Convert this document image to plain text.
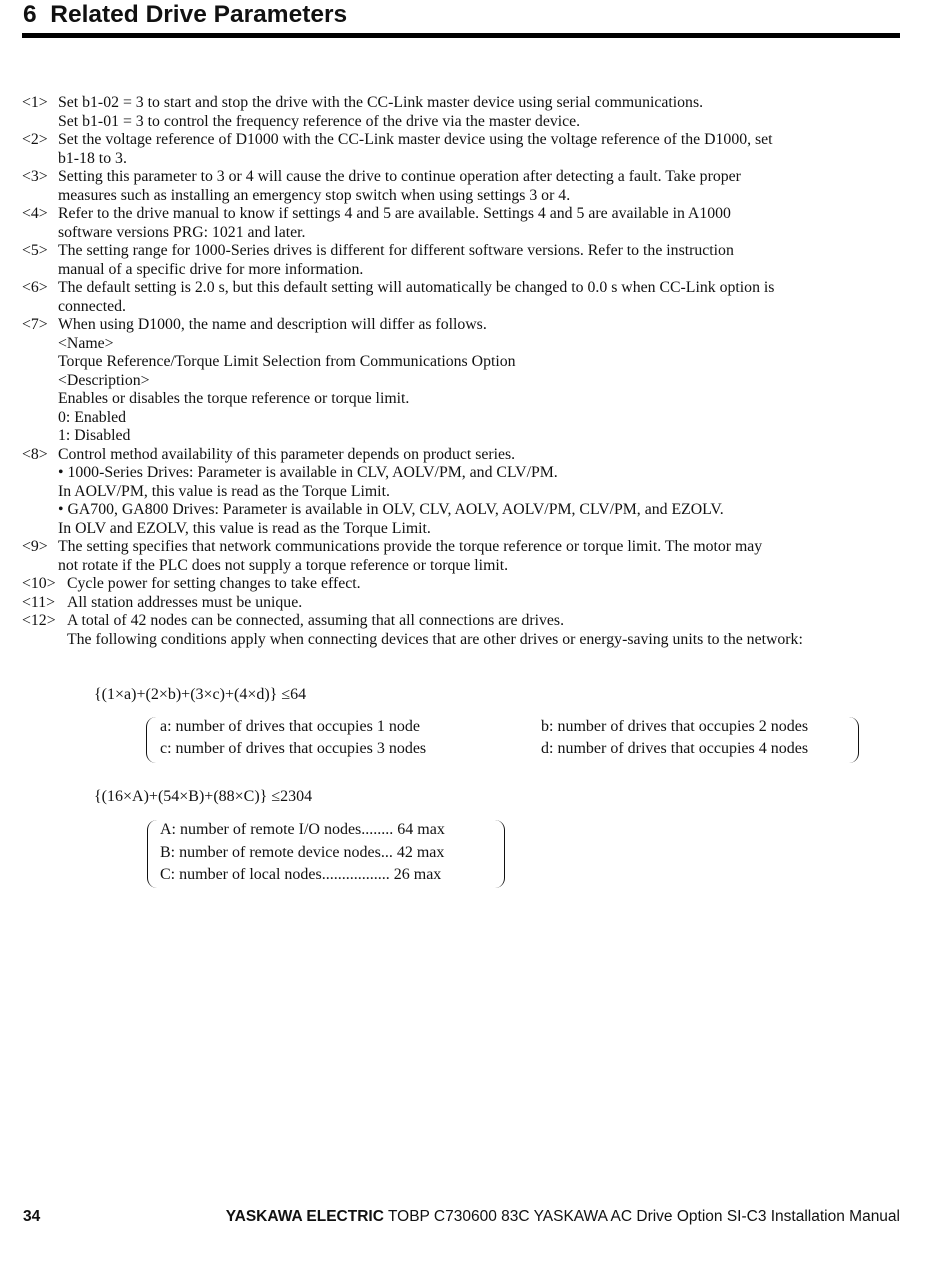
6 Related Drive Parameters
<1> Set b1-02 = 3 to start and stop the drive with the CC-Link master device using serial communications.
Set b1-01 = 3 to control the frequency reference of the drive via the master device.
<2> Set the voltage reference of D1000 with the CC-Link master device using the voltage reference of the D1000, set
b1-18 to 3.
<3> Setting this parameter to 3 or 4 will cause the drive to continue operation after detecting a fault. Take proper
measures such as installing an emergency stop switch when using settings 3 or 4.
<4> Refer to the drive manual to know if settings 4 and 5 are available. Settings 4 and 5 are available in A1000
software versions PRG: 1021 and later.
<5> The setting range for 1000-Series drives is different for different software versions. Refer to the instruction
manual of a specific drive for more information.
<6> The default setting is 2.0 s, but this default setting will automatically be changed to 0.0 s when CC-Link option is
connected.
<7> When using D1000, the name and description will differ as follows.
<Name>
Torque Reference/Torque Limit Selection from Communications Option
<Description>
Enables or disables the torque reference or torque limit.
0: Enabled
1: Disabled
<8> Control method availability of this parameter depends on product series.
• 1000-Series Drives: Parameter is available in CLV, AOLV/PM, and CLV/PM.
In AOLV/PM, this value is read as the Torque Limit.
• GA700, GA800 Drives: Parameter is available in OLV, CLV, AOLV, AOLV/PM, CLV/PM, and EZOLV.
In OLV and EZOLV, this value is read as the Torque Limit.
<9> The setting specifies that network communications provide the torque reference or torque limit. The motor may
not rotate if the PLC does not supply a torque reference or torque limit.
<10> Cycle power for setting changes to take effect.
<11> All station addresses must be unique.
<12> A total of 42 nodes can be connected, assuming that all connections are drives.
The following conditions apply when connecting devices that are other drives or energy-saving units to the network:
{(1×a)+(2×b)+(3×c)+(4×d)} ≤64
a: number of drives that occupies 1 node	b: number of drives that occupies 2 nodes
c: number of drives that occupies 3 nodes	d: number of drives that occupies 4 nodes
{(16×A)+(54×B)+(88×C)} ≤2304
A: number of remote I/O nodes........ 64 max
B: number of remote device nodes... 42 max
C: number of local nodes................. 26 max
34	YASKAWA ELECTRIC TOBP C730600 83C YASKAWA AC Drive Option SI-C3 Installation Manual
